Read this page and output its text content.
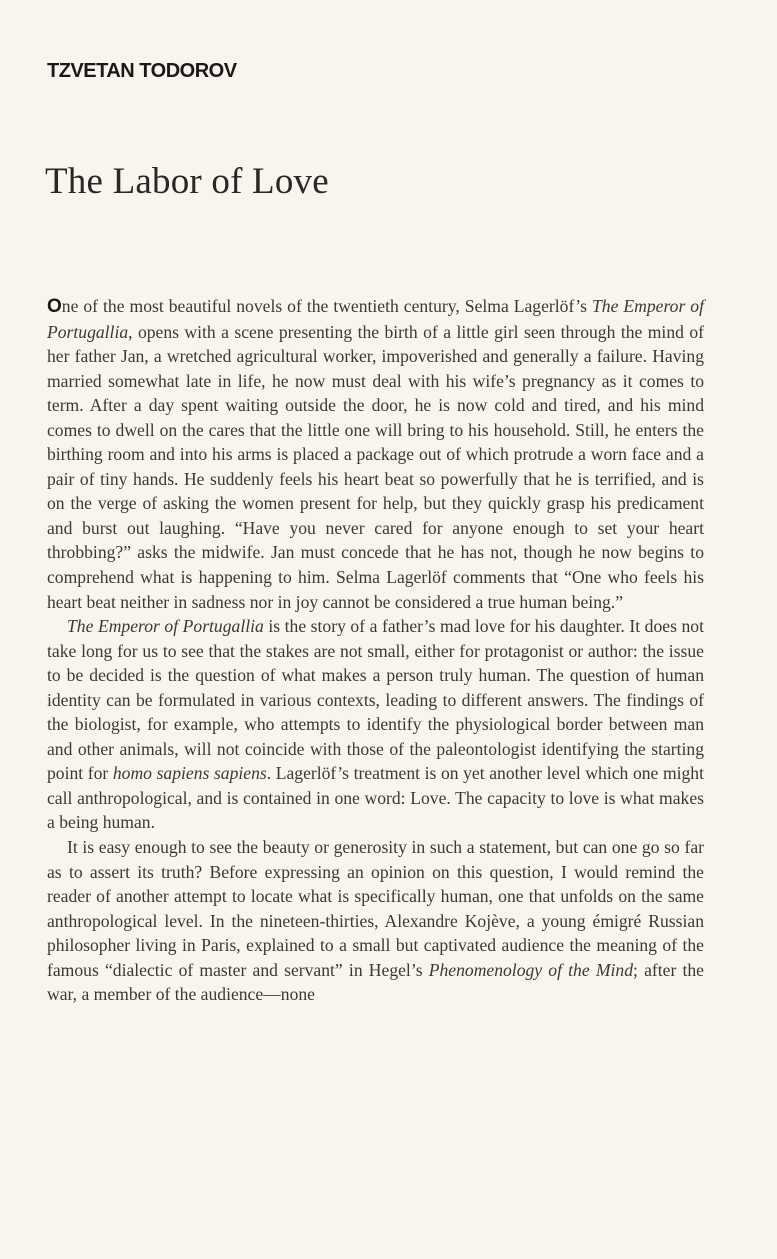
TZVETAN TODOROV
The Labor of Love

One of the most beautiful novels of the twentieth century, Selma Lagerlöf’s The Emperor of Portugallia, opens with a scene presenting the birth of a little girl seen through the mind of her father Jan, a wretched agricultural worker, impoverished and generally a failure. Having married somewhat late in life, he now must deal with his wife’s pregnancy as it comes to term. After a day spent waiting outside the door, he is now cold and tired, and his mind comes to dwell on the cares that the little one will bring to his household. Still, he enters the birthing room and into his arms is placed a package out of which protrude a worn face and a pair of tiny hands. He suddenly feels his heart beat so powerfully that he is terrified, and is on the verge of asking the women present for help, but they quickly grasp his predicament and burst out laughing. “Have you never cared for anyone enough to set your heart throbbing?” asks the midwife. Jan must concede that he has not, though he now begins to comprehend what is happening to him. Selma Lagerlöf comments that “One who feels his heart beat neither in sadness nor in joy cannot be considered a true human being.”

The Emperor of Portugallia is the story of a father’s mad love for his daughter. It does not take long for us to see that the stakes are not small, either for protagonist or author: the issue to be decided is the question of what makes a person truly human. The question of human identity can be formulated in various contexts, leading to different answers. The findings of the biologist, for example, who attempts to identify the physiological border between man and other animals, will not coincide with those of the paleontologist identifying the starting point for homo sapiens sapiens. Lagerlöf’s treatment is on yet another level which one might call anthropological, and is contained in one word: Love. The capacity to love is what makes a being human.

It is easy enough to see the beauty or generosity in such a statement, but can one go so far as to assert its truth? Before expressing an opinion on this question, I would remind the reader of another attempt to locate what is specifically human, one that unfolds on the same anthropological level. In the nineteen-thirties, Alexandre Kojève, a young émigré Russian philosopher living in Paris, explained to a small but captivated audience the meaning of the famous “dialectic of master and servant” in Hegel’s Phenomenology of the Mind; after the war, a member of the audience—none
